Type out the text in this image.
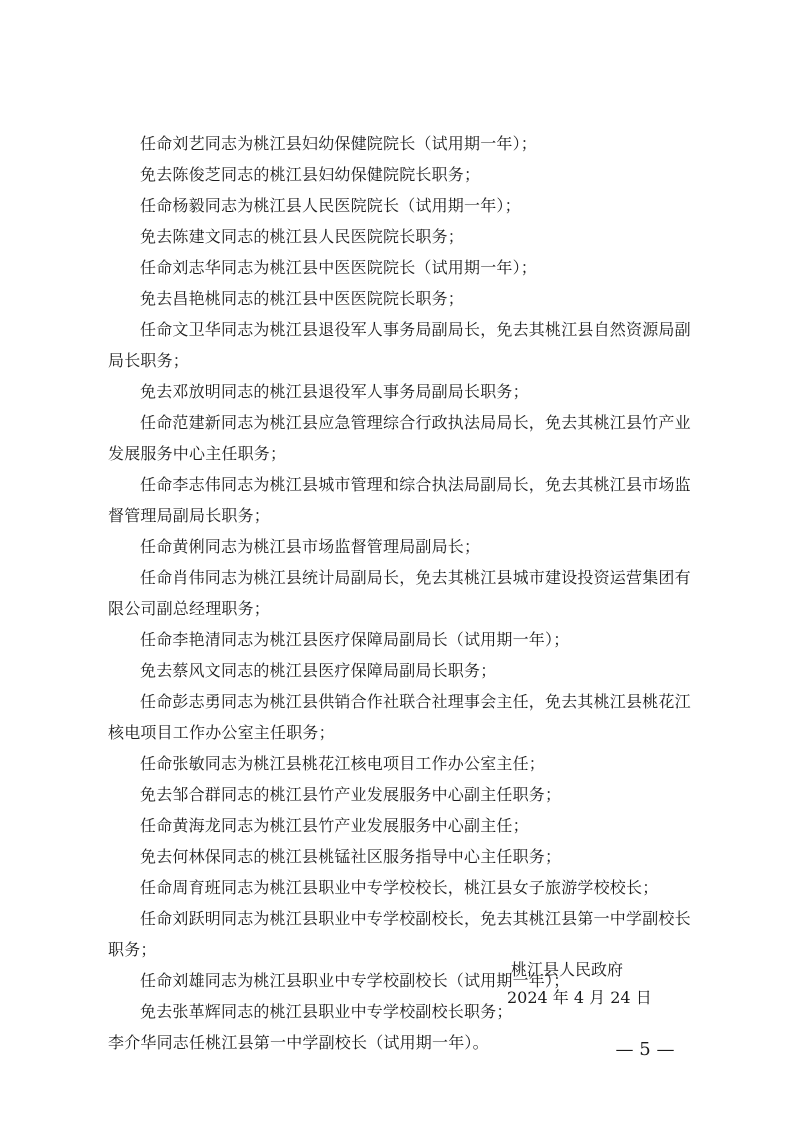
任命刘艺同志为桃江县妇幼保健院院长（试用期一年）；

免去陈俊芝同志的桃江县妇幼保健院院长职务；

任命杨毅同志为桃江县人民医院院长（试用期一年）；

免去陈建文同志的桃江县人民医院院长职务；

任命刘志华同志为桃江县中医医院院长（试用期一年）；

免去昌艳桃同志的桃江县中医医院院长职务；

任命文卫华同志为桃江县退役军人事务局副局长，免去其桃江县自然资源局副局长职务；

免去邓放明同志的桃江县退役军人事务局副局长职务；

任命范建新同志为桃江县应急管理综合行政执法局局长，免去其桃江县竹产业发展服务中心主任职务；

任命李志伟同志为桃江县城市管理和综合执法局副局长，免去其桃江县市场监督管理局副局长职务；

任命黄俐同志为桃江县市场监督管理局副局长；

任命肖伟同志为桃江县统计局副局长，免去其桃江县城市建设投资运营集团有限公司副总经理职务；

任命李艳清同志为桃江县医疗保障局副局长（试用期一年）；

免去蔡风文同志的桃江县医疗保障局副局长职务；

任命彭志勇同志为桃江县供销合作社联合社理事会主任，免去其桃江县桃花江核电项目工作办公室主任职务；

任命张敏同志为桃江县桃花江核电项目工作办公室主任；

免去邹合群同志的桃江县竹产业发展服务中心副主任职务；

任命黄海龙同志为桃江县竹产业发展服务中心副主任；

免去何林保同志的桃江县桃锰社区服务指导中心主任职务；

任命周育班同志为桃江县职业中专学校校长，桃江县女子旅游学校校长；

任命刘跃明同志为桃江县职业中专学校副校长，免去其桃江县第一中学副校长职务；

任命刘雄同志为桃江县职业中专学校副校长（试用期一年）；

免去张革辉同志的桃江县职业中专学校副校长职务；

李介华同志任桃江县第一中学副校长（试用期一年）。

桃江县人民政府
2024 年 4 月 24 日
— 5 —
